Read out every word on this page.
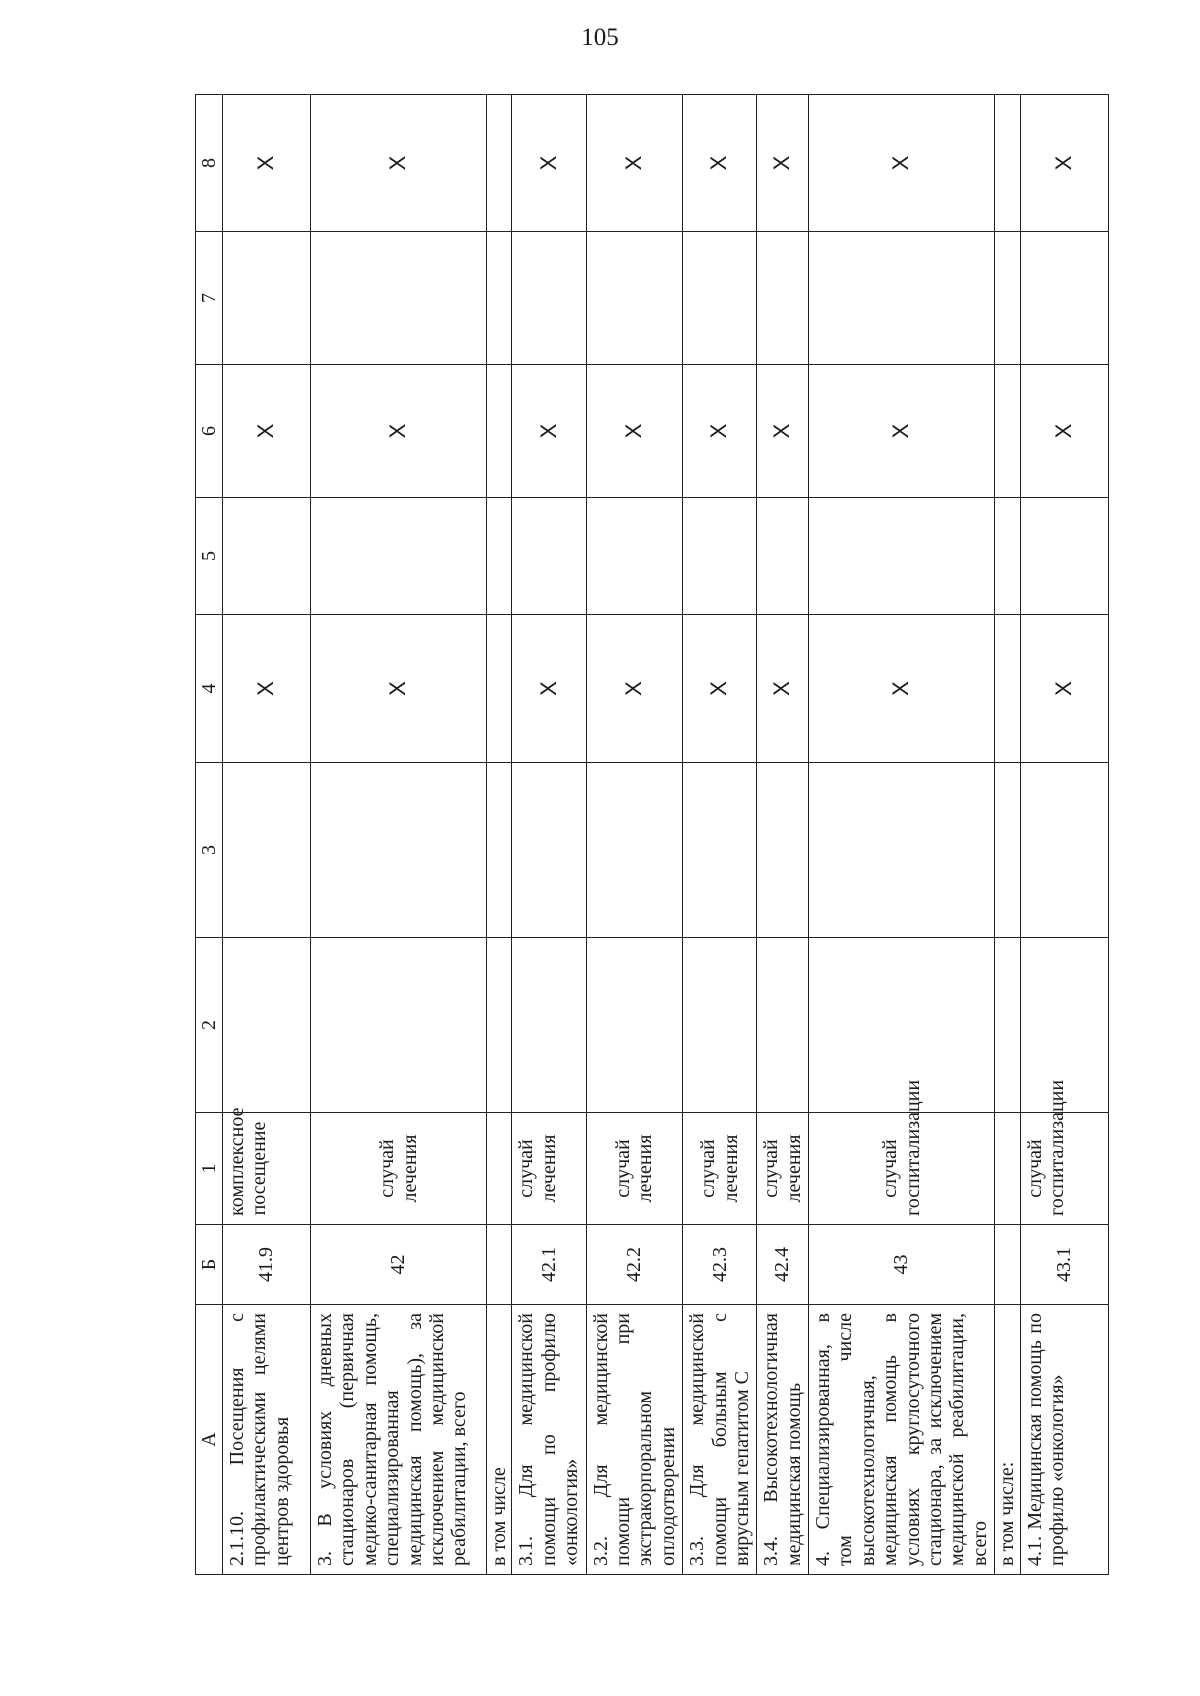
105
А	Б	1	2	3	4	5	6	7	8
2.1.10. Посещения с профилактическими целями центров здоровья	41.9	комплексное посещение			Х		Х		Х
3. В условиях дневных стационаров (первичная медико-санитарная помощь, специализированная медицинская помощь), за исключением медицинской реабилитации, всего	42	случай лечения			Х		Х		Х
в том числе									
3.1. Для медицинской помощи по профилю «онкология»	42.1	случай лечения			Х		Х		Х
3.2. Для медицинской помощи при экстракорпоральном оплодотворении	42.2	случай лечения			Х		Х		Х
3.3. Для медицинской помощи больным с вирусным гепатитом С	42.3	случай лечения			Х		Х		Х
3.4. Высокотехнологичная медицинская помощь	42.4	случай лечения			Х		Х		Х
4. Специализированная, в том числе высокотехнологичная, медицинская помощь в условиях круглосуточного стационара, за исключением медицинской реабилитации, всего	43	случай госпитализации			Х		Х		Х
в том числе:									
4.1. Медицинская помощь по профилю «онкология»	43.1	случай госпитализации			Х		Х		Х
